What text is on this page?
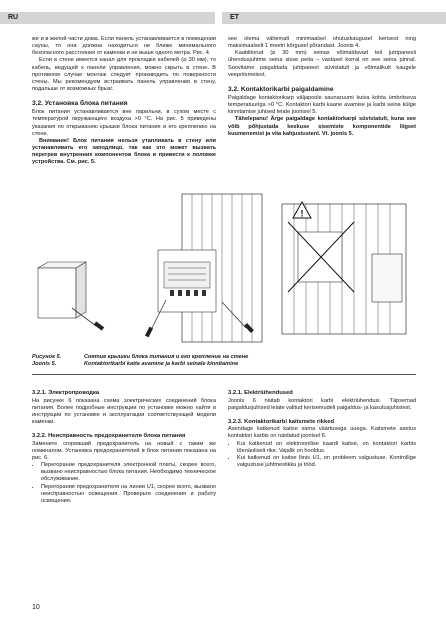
RU	ET

же и в жилой части дома. Если панель устанавливается в помещении сауны, то она должна находиться не ближе минимального безопасного расстояния от каменки и не выше одного метра. Рис. 4.

Если в стене имеется канал для прокладки кабелей (⌀ 30 мм), то кабель, ведущий к панели управления, можно скрыть в стене. В противном случае монтаж следует производить по поверхности стены. Мы рекомендуем встраивать панель управления в стену, подальше от возможных брызг.

3.2. Установка блока питания

Блок питания устанавливается вне парильни, в сухом месте с температурой окружающего воздуха >0 °C. На рис. 5 приведены указания по открыванию крышки блока питания и его креплению на стене.

Внимание! Блок питания нельзя утапливать в стену или устанавливать его заподлицо, так как это может вызвать перегрев внутренних компонентов блока и привести к поломке устройства. См. рис. 5.

see olema vähemalt minimaalsel ohutuskaugusel kerisest ning maksimaalselt 1 meetri kõrgusel põrandast. Joonis 4.

Kaablitorud (⌀ 30 mm) seinas võimaldavad teil juhtpaneeli ühendusjuhtme seina sisse peita – vastasel korral on see seina pinnal. Soovitame paigaldada juhtpaneel süvistatult ja võimalikult kaugele veepritsmetest.

3.2. Kontaktorikarbi paigaldamine

Paigaldage kontaktorikarp väljapoole saunaruumi kuiva kohta ümbritseva temperatuuriga >0 °C. Kontaktori karbi kaane avamise ja karbi seina külge kinnitamise juhised leiate joonisel 5.

Tähelepanu! Ärge paigaldage kontaktorkarpi süvistatult, kuna see võib põhjustada keskuse sisemiste komponentide liigset kuumenemist ja viia kahjustustenI. Vt. joonis 5.

!
Рисунок 5.	Снятие крышки блока питания и его крепление на стене
Joonis 5.	Kontaktorikarbi katte avamine ja karbi seinale kinnitamine
3.2.1. Электропроводка

На рисунке 6 показана схема электрических соединений блока питания. Более подробные инструкции по установке можно найти в инструкции по установке и эксплуатации соответствующей модели каменки.

3.2.2. Неисправность предохранителя блока питания

Замените сгоревший предохранитель на новый с таким же номиналом. Установка предохранителей в блок питания показана на рис. 6.

• Перегорание предохранителя электронной платы, скорее всего, вызвано неисправностью блока питания. Необходимо техническое обслуживание.
• Перегорание предохранителя на линии U1, скорее всего, вызвано неисправностью освещения. Проверьте соединения и работу освещения.
3.2.1. Elektriühendused

Joonis 6 näitab kontaktori karbi elektriühendusi. Täpsemad paigaldusjuhised leiate valitud kerisemudeli paigaldus- ja kasutusjuhistest.

3.2.3. Kontaktorikarbi kaitsmete rikked

Asendage katkenud kaitse sama väärtusega uuega. Kaitsmete asetus kontaktori karbis on näidatud joonisel 6.

• Kui katkenud on elektroonilise kaardi kaitse, on kontaktori karbis tõenäoliselt rike. Vajalik on hooldus.
• Kui katkenud on kaitse liinis U1, on probleem valgustuse. Kontrollige valgustuse juhtmestikku ja tööd.
10
